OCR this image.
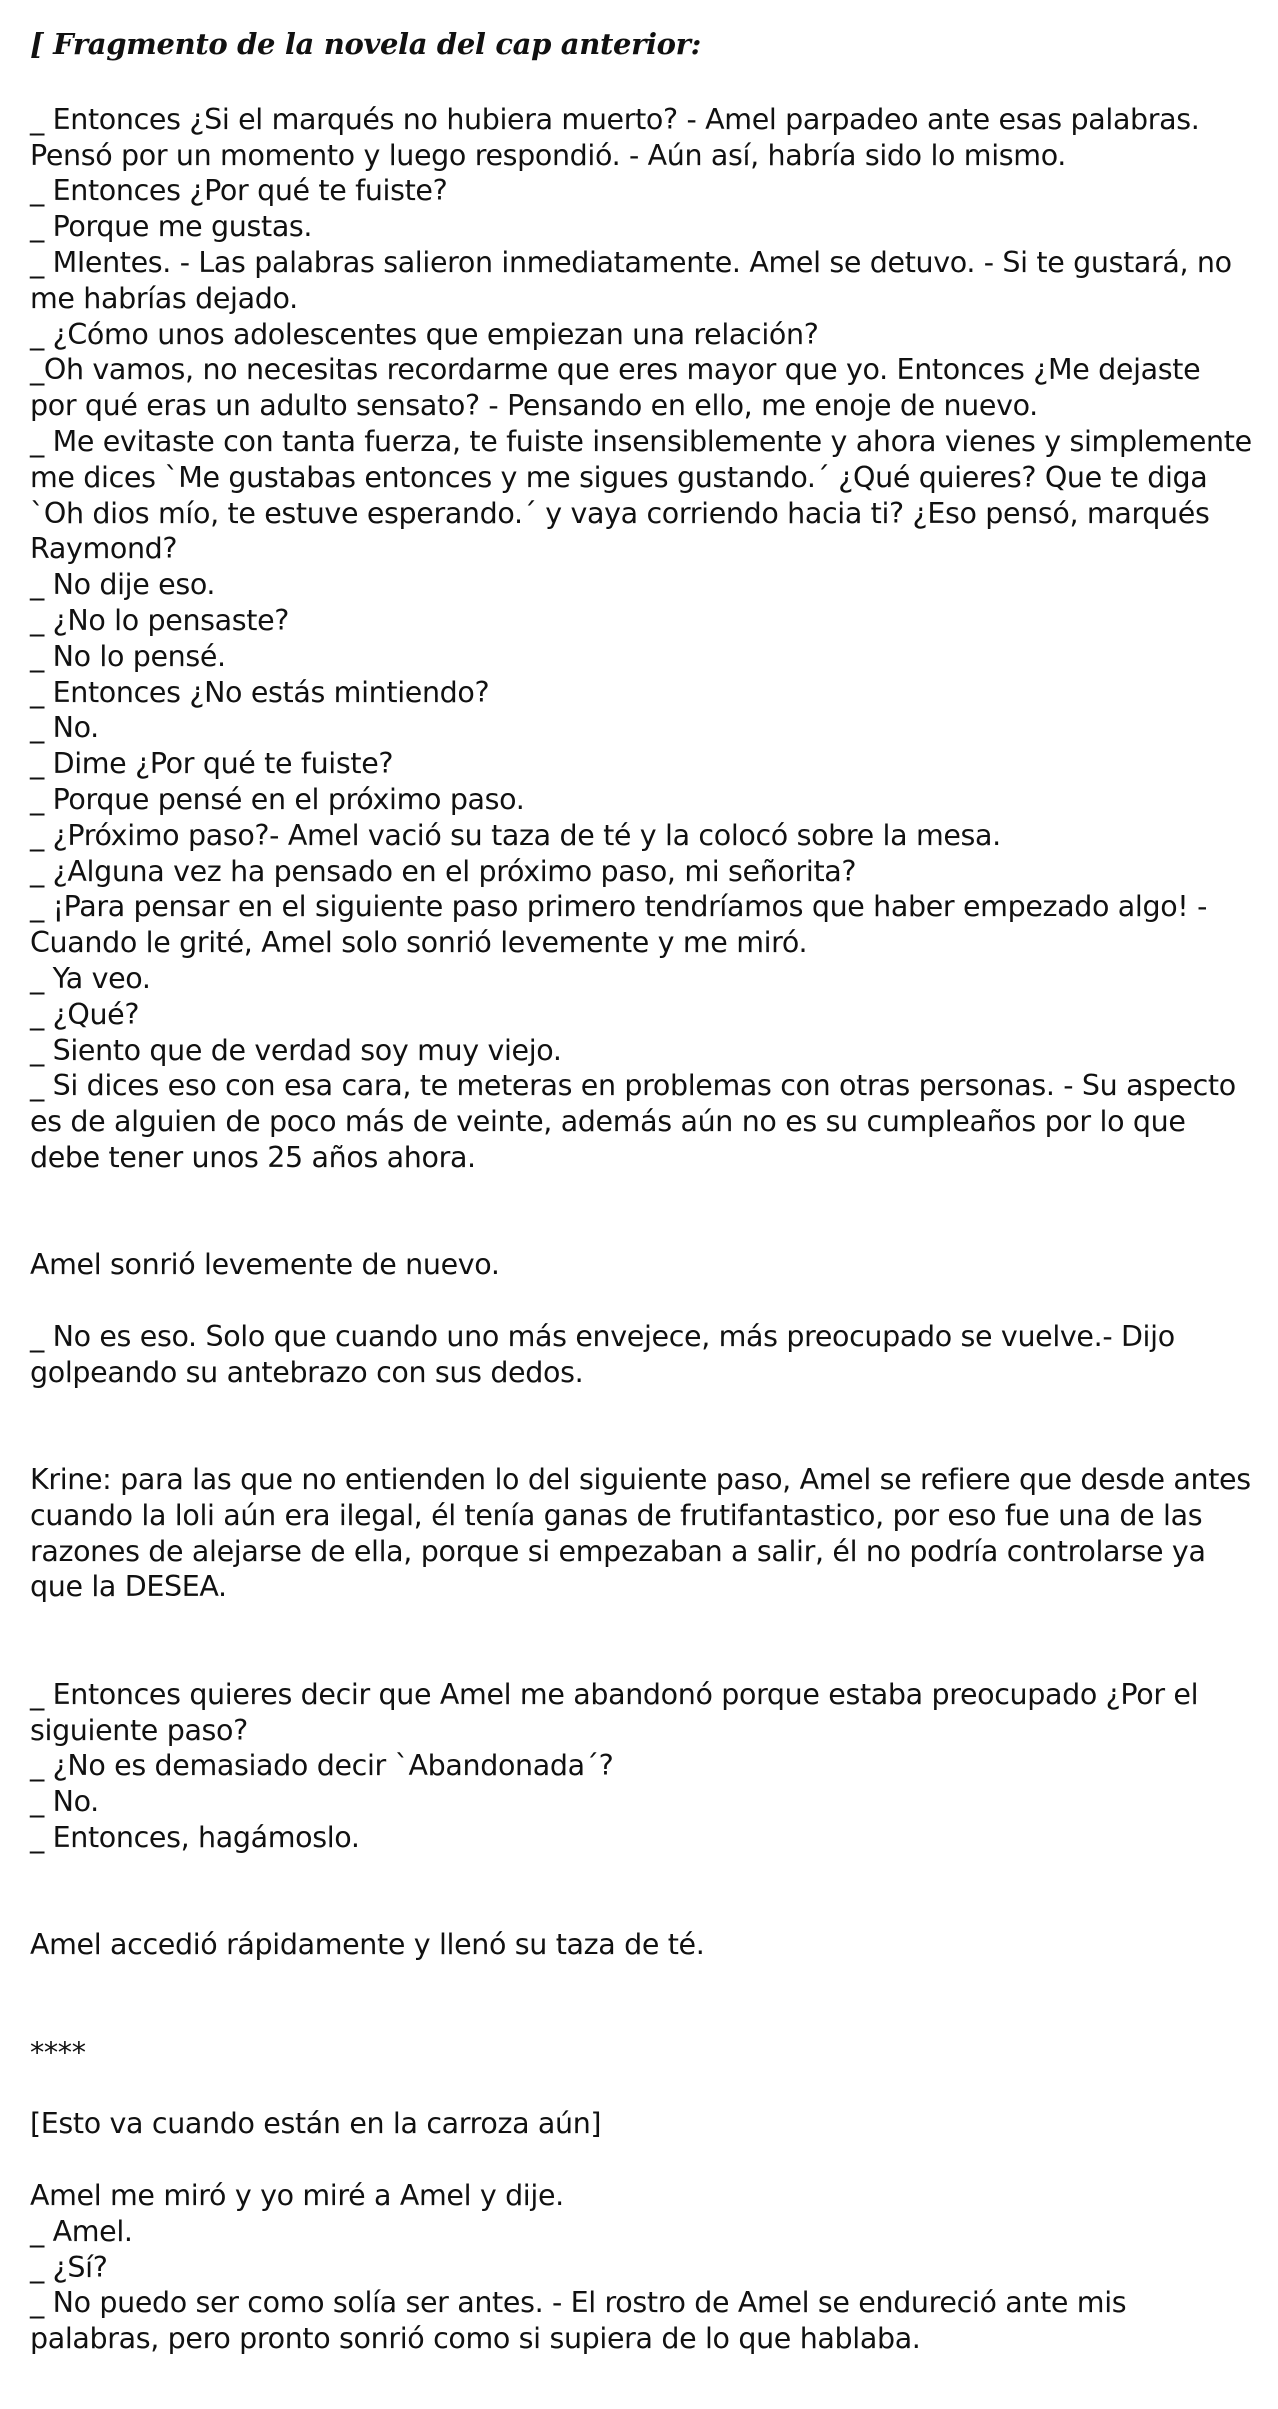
[ Fragmento de la novela del cap anterior:

_ Entonces ¿Si el marqués no hubiera muerto? - Amel parpadeo ante esas palabras. Pensó por un momento y luego respondió. - Aún así, habría sido lo mismo.

_ Entonces ¿Por qué te fuiste?

_ Porque me gustas.

_ MIentes. - Las palabras salieron inmediatamente. Amel se detuvo. - Si te gustará, no me habrías dejado.

_ ¿Cómo unos adolescentes que empiezan una relación?

_Oh vamos, no necesitas recordarme que eres mayor que yo. Entonces ¿Me dejaste por qué eras un adulto sensato? - Pensando en ello, me enoje de nuevo.

_ Me evitaste con tanta fuerza, te fuiste insensiblemente y ahora vienes y simplemente me dices `Me gustabas entonces y me sigues gustando.´ ¿Qué quieres? Que te diga `Oh dios mío, te estuve esperando.´ y vaya corriendo hacia ti? ¿Eso pensó, marqués Raymond?

_ No dije eso.

_ ¿No lo pensaste?

_ No lo pensé.

_ Entonces ¿No estás mintiendo?

_ No.

_ Dime ¿Por qué te fuiste?

_ Porque pensé en el próximo paso.

_ ¿Próximo paso?- Amel vació su taza de té y la colocó sobre la mesa.

_ ¿Alguna vez ha pensado en el próximo paso, mi señorita?

_ ¡Para pensar en el siguiente paso primero tendríamos que haber empezado algo! - Cuando le grité, Amel solo sonrió levemente y me miró.

_ Ya veo.

_ ¿Qué?

_ Siento que de verdad soy muy viejo.

_ Si dices eso con esa cara, te meteras en problemas con otras personas. - Su aspecto es de alguien de poco más de veinte, además aún no es su cumpleaños por lo que debe tener unos 25 años ahora.

Amel sonrió levemente de nuevo.

_ No es eso. Solo que cuando uno más envejece, más preocupado se vuelve.- Dijo golpeando su antebrazo con sus dedos.

Krine: para las que no entienden lo del siguiente paso, Amel se refiere que desde antes cuando la loli aún era ilegal, él tenía ganas de frutifantastico, por eso fue una de las razones de alejarse de ella, porque si empezaban a salir, él no podría controlarse ya que la DESEA.

_ Entonces quieres decir que Amel me abandonó porque estaba preocupado ¿Por el siguiente paso?

_ ¿No es demasiado decir `Abandonada´?

_ No.

_ Entonces, hagámoslo.

Amel accedió rápidamente y llenó su taza de té.

****

[Esto va cuando están en la carroza aún]

Amel me miró y yo miré a Amel y dije.

_ Amel.

_ ¿Sí?

_ No puedo ser como solía ser antes. - El rostro de Amel se endureció ante mis palabras, pero pronto sonrió como si supiera de lo que hablaba.
